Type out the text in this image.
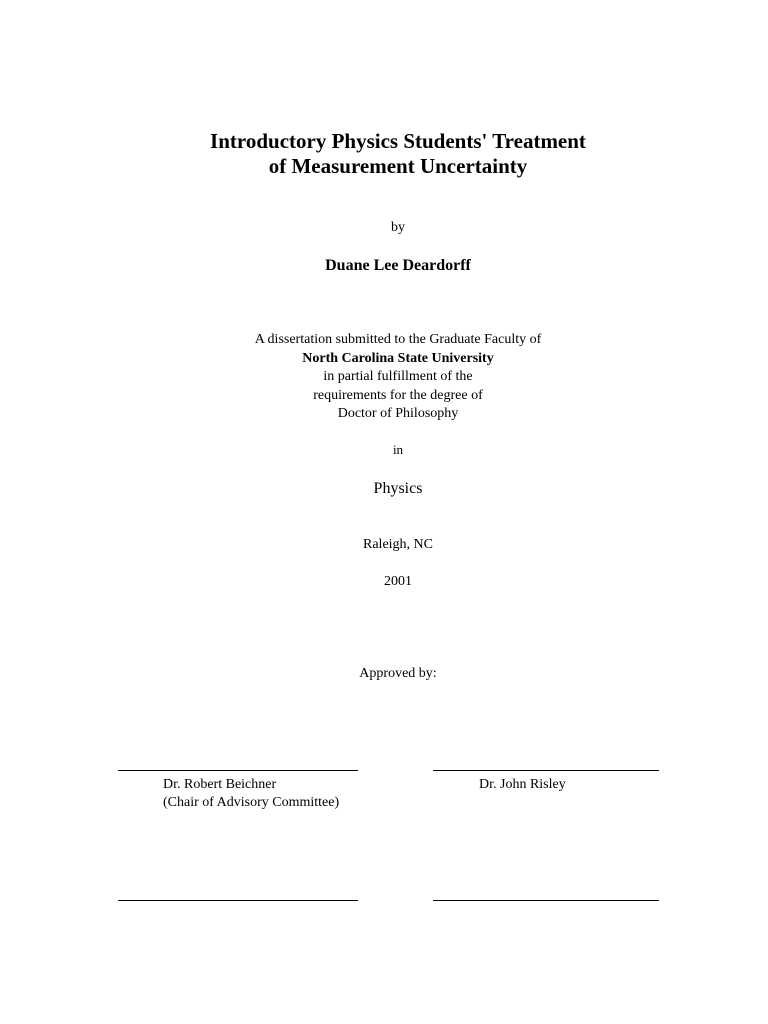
Introductory Physics Students' Treatment
of Measurement Uncertainty
by
Duane Lee Deardorff
A dissertation submitted to the Graduate Faculty of
North Carolina State University
in partial fulfillment of the
requirements for the degree of
Doctor of Philosophy
in
Physics
Raleigh, NC
2001
Approved by:
Dr. Robert Beichner
(Chair of Advisory Committee)
Dr. John Risley
